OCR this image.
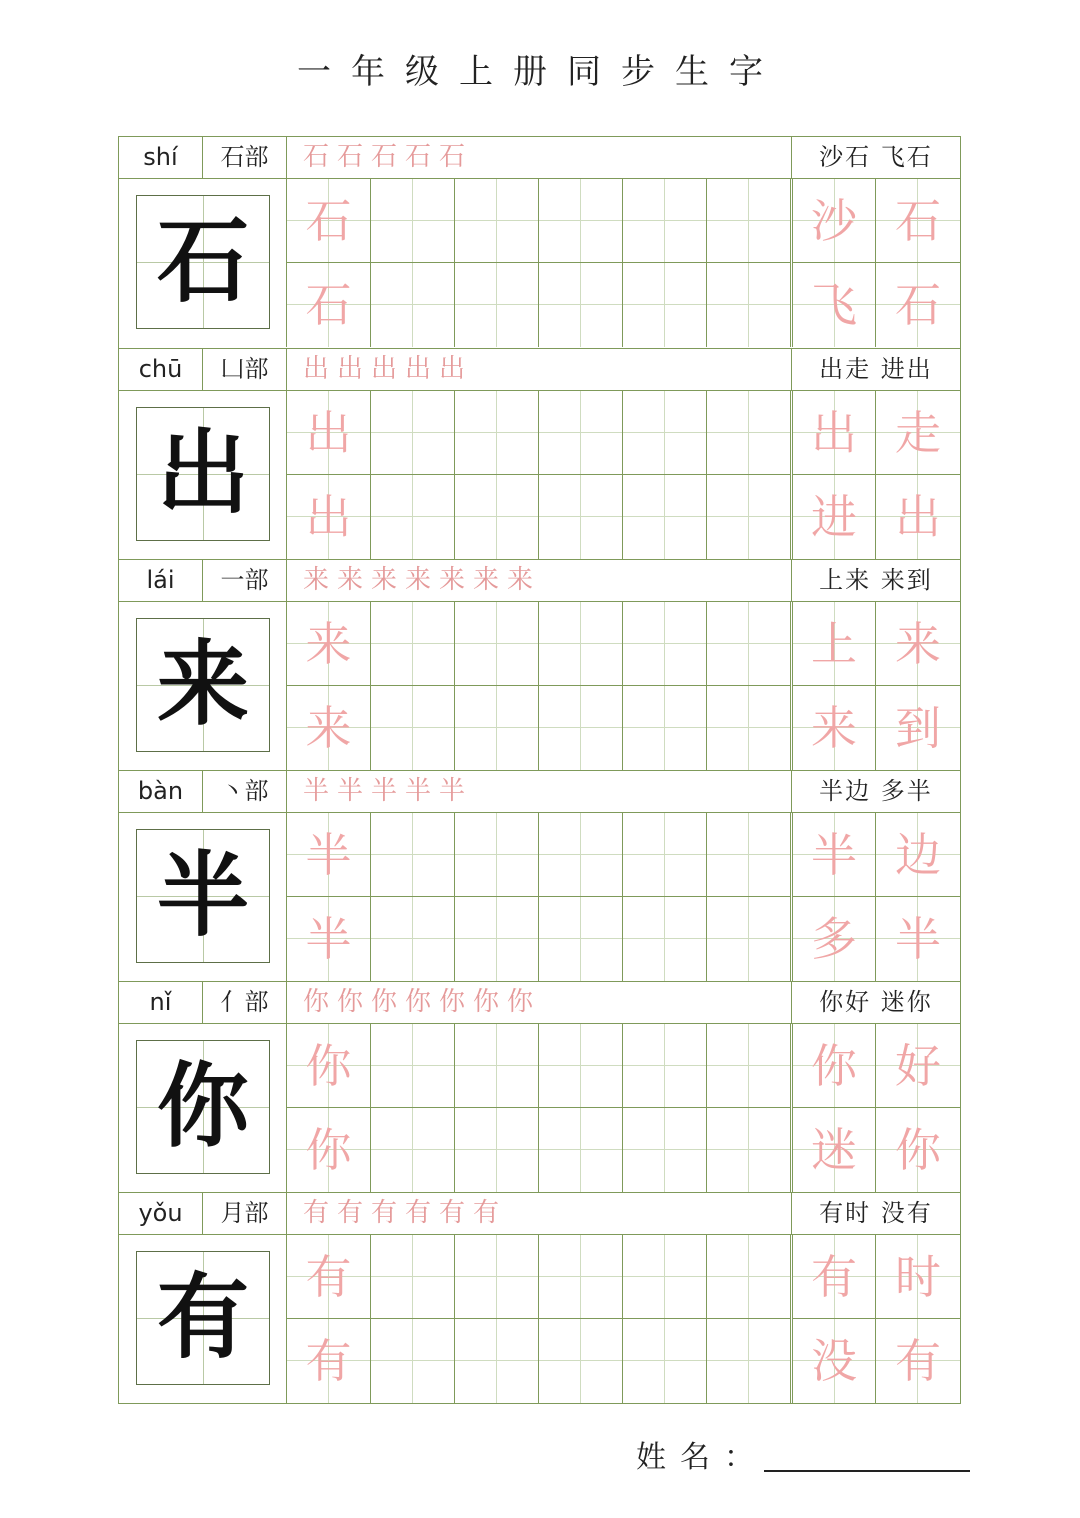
一年级上册同步生字
shí	石部	石石石石石	沙石 飞石
石	石	沙 石
石	飞 石
chū	凵部	出出出出出	出走 进出
出	出	出 走
出	进 出
lái	一部	来来来来来来来	上来 来到
来	来	上 来
来	来 到
bàn	丶部	半半半半半	半边 多半
半	半	半 边
半	多 半
nǐ	亻部	你你你你你你你	你好 迷你
你	你	你 好
你	迷 你
yǒu	月部	有有有有有有	有时 没有
有	有	有 时
有	没 有
姓名：
